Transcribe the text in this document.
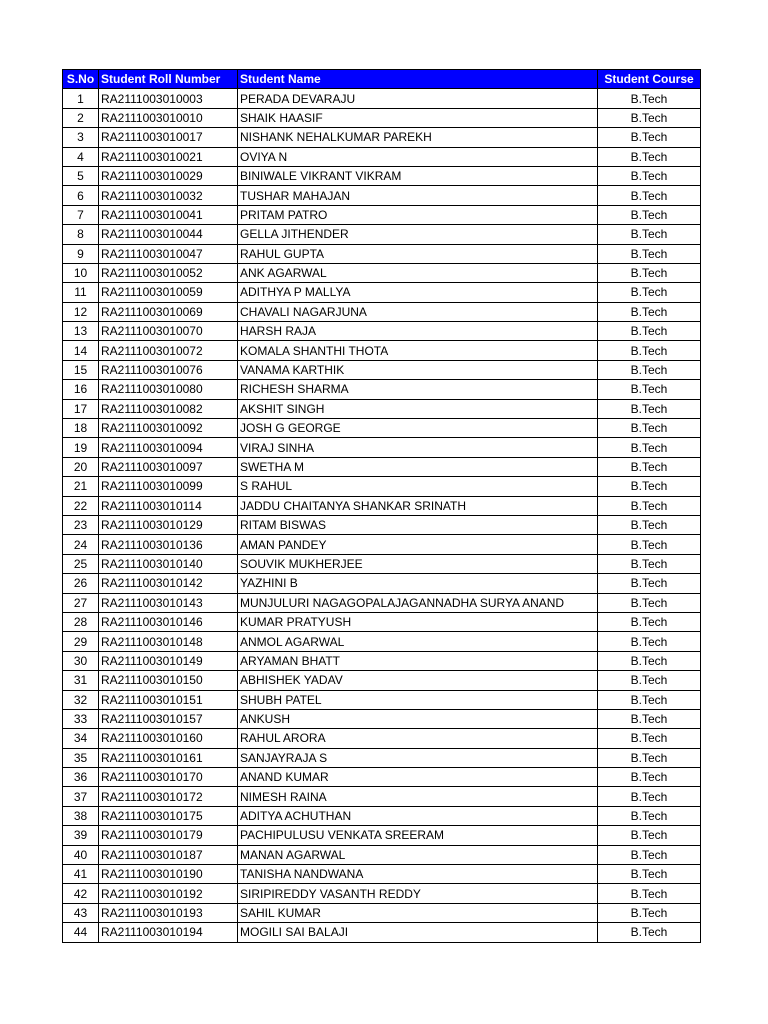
S.No	Student Roll Number	Student Name	Student Course
1	RA2111003010003	PERADA DEVARAJU	B.Tech
2	RA2111003010010	SHAIK HAASIF	B.Tech
3	RA2111003010017	NISHANK NEHALKUMAR PAREKH	B.Tech
4	RA2111003010021	OVIYA N	B.Tech
5	RA2111003010029	BINIWALE VIKRANT VIKRAM	B.Tech
6	RA2111003010032	TUSHAR MAHAJAN	B.Tech
7	RA2111003010041	PRITAM PATRO	B.Tech
8	RA2111003010044	GELLA JITHENDER	B.Tech
9	RA2111003010047	RAHUL GUPTA	B.Tech
10	RA2111003010052	ANK AGARWAL	B.Tech
11	RA2111003010059	ADITHYA P MALLYA	B.Tech
12	RA2111003010069	CHAVALI NAGARJUNA	B.Tech
13	RA2111003010070	HARSH RAJA	B.Tech
14	RA2111003010072	KOMALA SHANTHI THOTA	B.Tech
15	RA2111003010076	VANAMA KARTHIK	B.Tech
16	RA2111003010080	RICHESH SHARMA	B.Tech
17	RA2111003010082	AKSHIT SINGH	B.Tech
18	RA2111003010092	JOSH G GEORGE	B.Tech
19	RA2111003010094	VIRAJ SINHA	B.Tech
20	RA2111003010097	SWETHA M	B.Tech
21	RA2111003010099	S RAHUL	B.Tech
22	RA2111003010114	JADDU CHAITANYA SHANKAR SRINATH	B.Tech
23	RA2111003010129	RITAM BISWAS	B.Tech
24	RA2111003010136	AMAN PANDEY	B.Tech
25	RA2111003010140	SOUVIK MUKHERJEE	B.Tech
26	RA2111003010142	YAZHINI B	B.Tech
27	RA2111003010143	MUNJULURI NAGAGOPALAJAGANNADHA SURYA ANAND	B.Tech
28	RA2111003010146	KUMAR PRATYUSH	B.Tech
29	RA2111003010148	ANMOL AGARWAL	B.Tech
30	RA2111003010149	ARYAMAN BHATT	B.Tech
31	RA2111003010150	ABHISHEK YADAV	B.Tech
32	RA2111003010151	SHUBH PATEL	B.Tech
33	RA2111003010157	ANKUSH	B.Tech
34	RA2111003010160	RAHUL ARORA	B.Tech
35	RA2111003010161	SANJAYRAJA S	B.Tech
36	RA2111003010170	ANAND KUMAR	B.Tech
37	RA2111003010172	NIMESH RAINA	B.Tech
38	RA2111003010175	ADITYA ACHUTHAN	B.Tech
39	RA2111003010179	PACHIPULUSU VENKATA SREERAM	B.Tech
40	RA2111003010187	MANAN AGARWAL	B.Tech
41	RA2111003010190	TANISHA NANDWANA	B.Tech
42	RA2111003010192	SIRIPIREDDY VASANTH REDDY	B.Tech
43	RA2111003010193	SAHIL KUMAR	B.Tech
44	RA2111003010194	MOGILI SAI BALAJI	B.Tech
